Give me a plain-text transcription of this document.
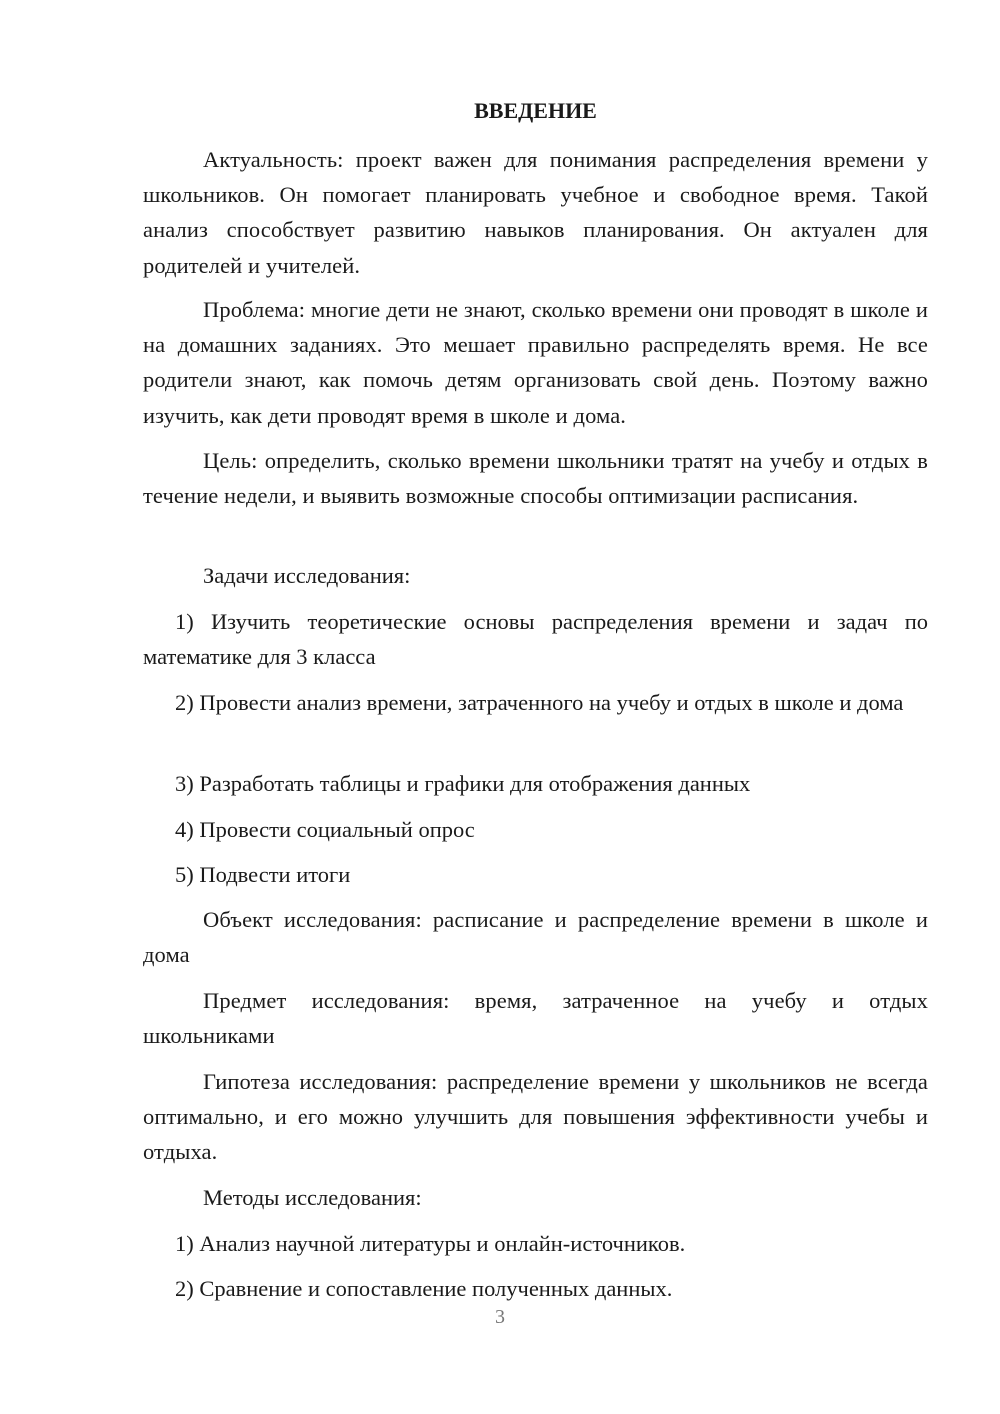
ВВЕДЕНИЕ

Актуальность: проект важен для понимания распределения времени у школьников. Он помогает планировать учебное и свободное время. Такой анализ способствует развитию навыков планирования. Он актуален для родителей и учителей.

Проблема: многие дети не знают, сколько времени они проводят в школе и на домашних заданиях. Это мешает правильно распределять время. Не все родители знают, как помочь детям организовать свой день. Поэтому важно изучить, как дети проводят время в школе и дома.

Цель: определить, сколько времени школьники тратят на учебу и отдых в течение недели, и выявить возможные способы оптимизации расписания.

Задачи исследования:

1) Изучить теоретические основы распределения времени и задач по математике для 3 класса

2) Провести анализ времени, затраченного на учебу и отдых в школе и дома

3) Разработать таблицы и графики для отображения данных

4) Провести социальный опрос

5) Подвести итоги

Объект исследования: расписание и распределение времени в школе и дома

Предмет исследования: время, затраченное на учебу и отдых школьниками

Гипотеза исследования: распределение времени у школьников не всегда оптимально, и его можно улучшить для повышения эффективности учебы и отдыха.

Методы исследования:

1) Анализ научной литературы и онлайн-источников.

2) Сравнение и сопоставление полученных данных.

3
